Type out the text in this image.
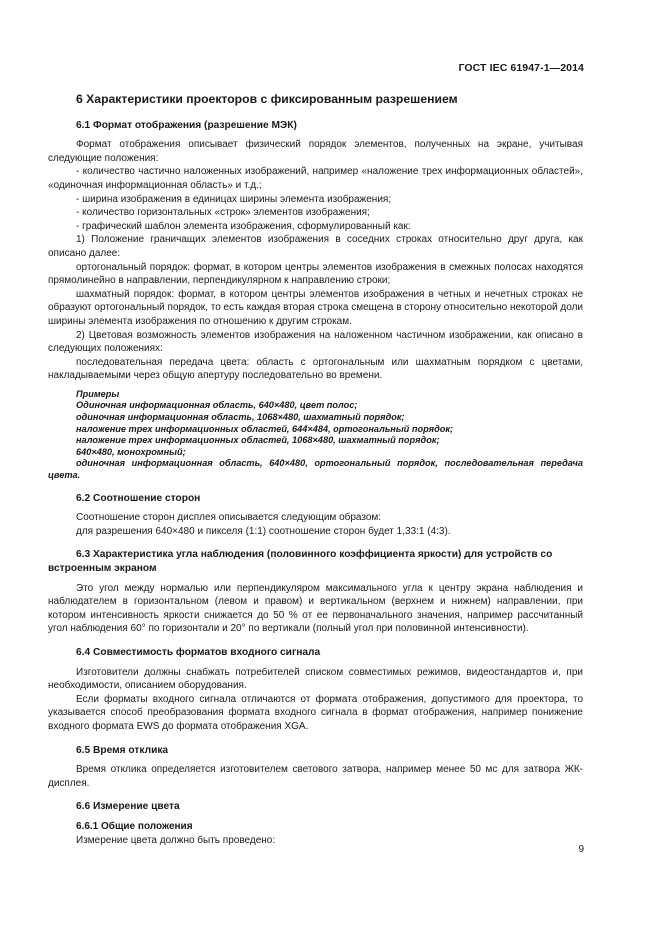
ГОСТ IEC 61947-1—2014
6 Характеристики проекторов с фиксированным разрешением
6.1 Формат отображения (разрешение МЭК)

Формат отображения описывает физический порядок элементов, полученных на экране, учитывая следующие положения:

- количество частично наложенных изображений, например «наложение трех информационных областей», «одиночная информационная область» и т.д.;

- ширина изображения в единицах ширины элемента изображения;

- количество горизонтальных «строк» элементов изображения;

- графический шаблон элемента изображения, сформулированный как:

1) Положение граничащих элементов изображения в соседних строках относительно друг друга, как описано далее:

ортогональный порядок: формат, в котором центры элементов изображения в смежных полосах находятся прямолинейно в направлении, перпендикулярном к направлению строки;

шахматный порядок: формат, в котором центры элементов изображения в четных и нечетных строках не образуют ортогональный порядок, то есть каждая вторая строка смещена в сторону относительно некоторой доли ширины элемента изображения по отношению к другим строкам.

2) Цветовая возможность элементов изображения на наложенном частичном изображении, как описано в следующих положениях:

последовательная передача цвета: область с ортогональным или шахматным порядком с цветами, накладываемыми через общую апертуру последовательно во времени.

Примеры

Одиночная информационная область, 640×480, цвет полос;

одиночная информационная область, 1068×480, шахматный порядок;

наложение трех информационных областей, 644×484, ортогональный порядок;

наложение трех информационных областей, 1068×480, шахматный порядок;

640×480, монохромный;

одиночная информационная область, 640×480, ортогональный порядок, последовательная передача цвета.

6.2 Соотношение сторон

Соотношение сторон дисплея описывается следующим образом:

для разрешения 640×480 и пикселя (1:1) соотношение сторон будет 1,33:1 (4:3).

6.3 Характеристика угла наблюдения (половинного коэффициента яркости) для устройств со встроенным экраном

Это угол между нормалью или перпендикуляром максимального угла к центру экрана наблюдения и наблюдателем в горизонтальном (левом и правом) и вертикальном (верхнем и нижнем) направлении, при котором интенсивность яркости снижается до 50 % от ее первоначального значения, например рассчитанный угол наблюдения 60° по горизонтали и 20° по вертикали (полный угол при половинной интенсивности).

6.4 Совместимость форматов входного сигнала

Изготовители должны снабжать потребителей списком совместимых режимов, видеостандартов и, при необходимости, описанием оборудования.

Если форматы входного сигнала отличаются от формата отображения, допустимого для проектора, то указывается способ преобразования формата входного сигнала в формат отображения, например понижение входного формата EWS до формата отображения XGA.

6.5 Время отклика

Время отклика определяется изготовителем светового затвора, например менее 50 мс для затвора ЖК-дисплея.

6.6 Измерение цвета
6.6.1 Общие положения

Измерение цвета должно быть проведено:

9
